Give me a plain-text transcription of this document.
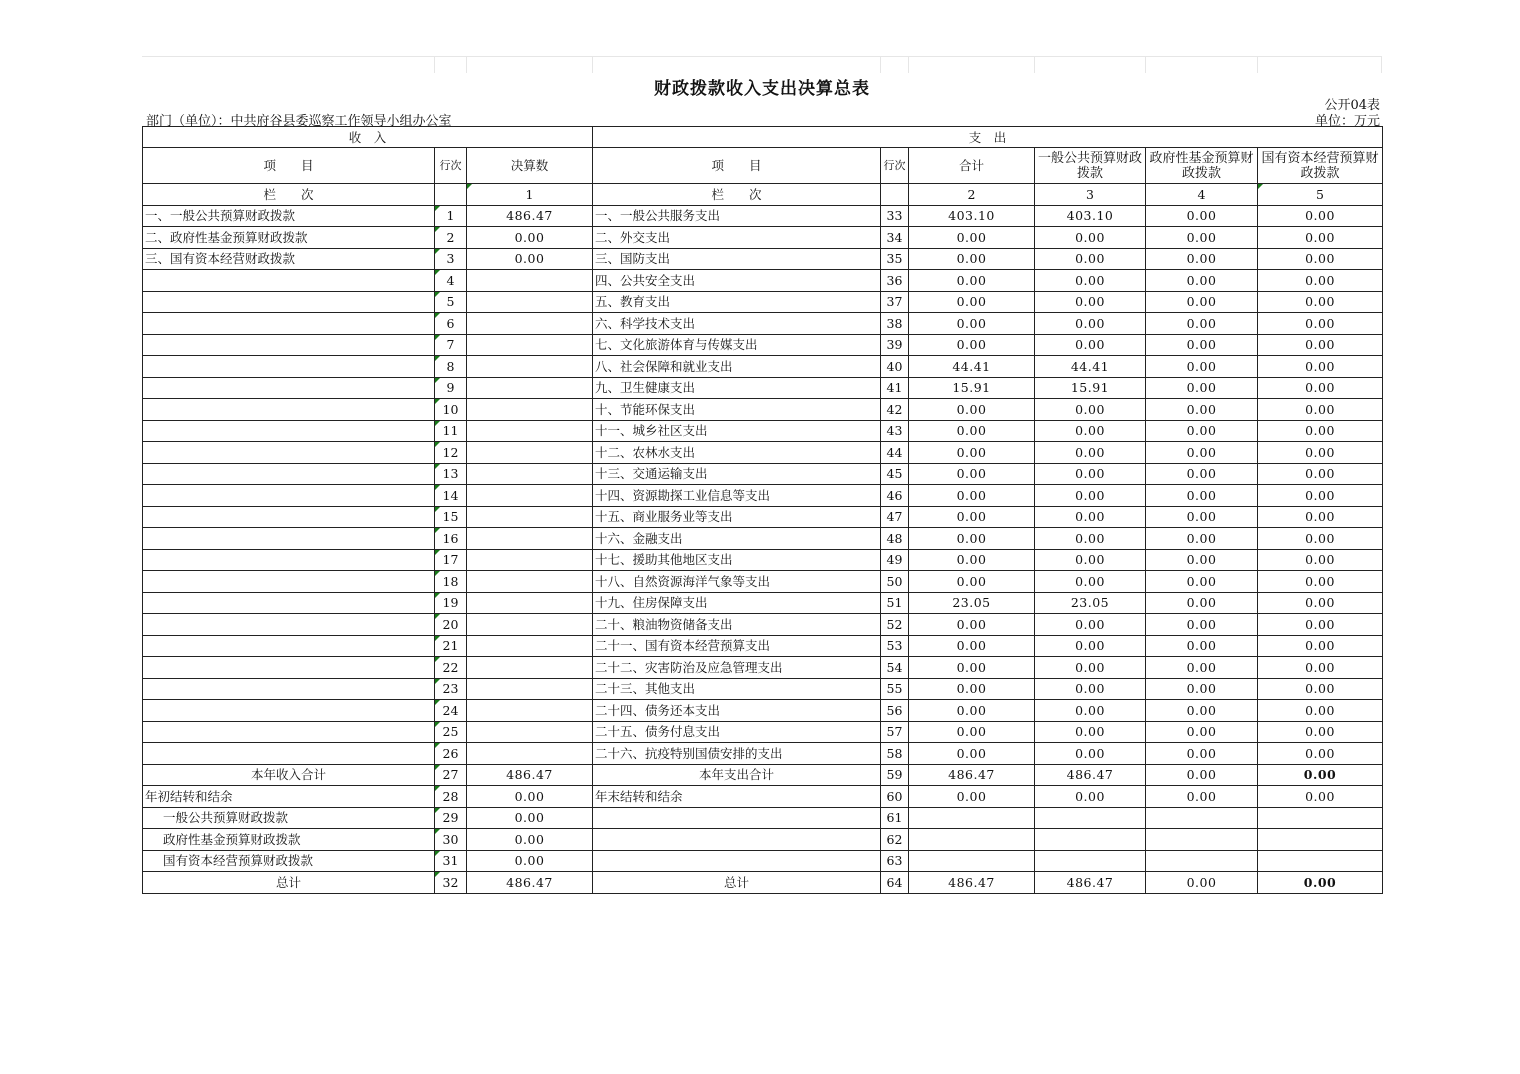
财政拨款收入支出决算总表
公开04表
部门（单位）：中共府谷县委巡察工作领导小组办公室	单位：万元
收　入			支　出					
项　　目	行次	决算数	项　　目	行次	合计	一般公共预算财政拨款	政府性基金预算财政拨款	国有资本经营预算财政拨款
栏　　次		1	栏　　次		2	3	4	5
一、一般公共预算财政拨款	1	486.47	一、一般公共服务支出	33	403.10	403.10	0.00	0.00
二、政府性基金预算财政拨款	2	0.00	二、外交支出	34	0.00	0.00	0.00	0.00
三、国有资本经营财政拨款	3	0.00	三、国防支出	35	0.00	0.00	0.00	0.00
	4		四、公共安全支出	36	0.00	0.00	0.00	0.00
	5		五、教育支出	37	0.00	0.00	0.00	0.00
	6		六、科学技术支出	38	0.00	0.00	0.00	0.00
	7		七、文化旅游体育与传媒支出	39	0.00	0.00	0.00	0.00
	8		八、社会保障和就业支出	40	44.41	44.41	0.00	0.00
	9		九、卫生健康支出	41	15.91	15.91	0.00	0.00
	10		十、节能环保支出	42	0.00	0.00	0.00	0.00
	11		十一、城乡社区支出	43	0.00	0.00	0.00	0.00
	12		十二、农林水支出	44	0.00	0.00	0.00	0.00
	13		十三、交通运输支出	45	0.00	0.00	0.00	0.00
	14		十四、资源勘探工业信息等支出	46	0.00	0.00	0.00	0.00
	15		十五、商业服务业等支出	47	0.00	0.00	0.00	0.00
	16		十六、金融支出	48	0.00	0.00	0.00	0.00
	17		十七、援助其他地区支出	49	0.00	0.00	0.00	0.00
	18		十八、自然资源海洋气象等支出	50	0.00	0.00	0.00	0.00
	19		十九、住房保障支出	51	23.05	23.05	0.00	0.00
	20		二十、粮油物资储备支出	52	0.00	0.00	0.00	0.00
	21		二十一、国有资本经营预算支出	53	0.00	0.00	0.00	0.00
	22		二十二、灾害防治及应急管理支出	54	0.00	0.00	0.00	0.00
	23		二十三、其他支出	55	0.00	0.00	0.00	0.00
	24		二十四、债务还本支出	56	0.00	0.00	0.00	0.00
	25		二十五、债务付息支出	57	0.00	0.00	0.00	0.00
	26		二十六、抗疫特别国债安排的支出	58	0.00	0.00	0.00	0.00
本年收入合计	27	486.47	本年支出合计	59	486.47	486.47	0.00	0.00
年初结转和结余	28	0.00	年末结转和结余	60	0.00	0.00	0.00	0.00
一般公共预算财政拨款	29	0.00		61				
政府性基金预算财政拨款	30	0.00		62				
国有资本经营预算财政拨款	31	0.00		63				
总计	32	486.47	总计	64	486.47	486.47	0.00	0.00
